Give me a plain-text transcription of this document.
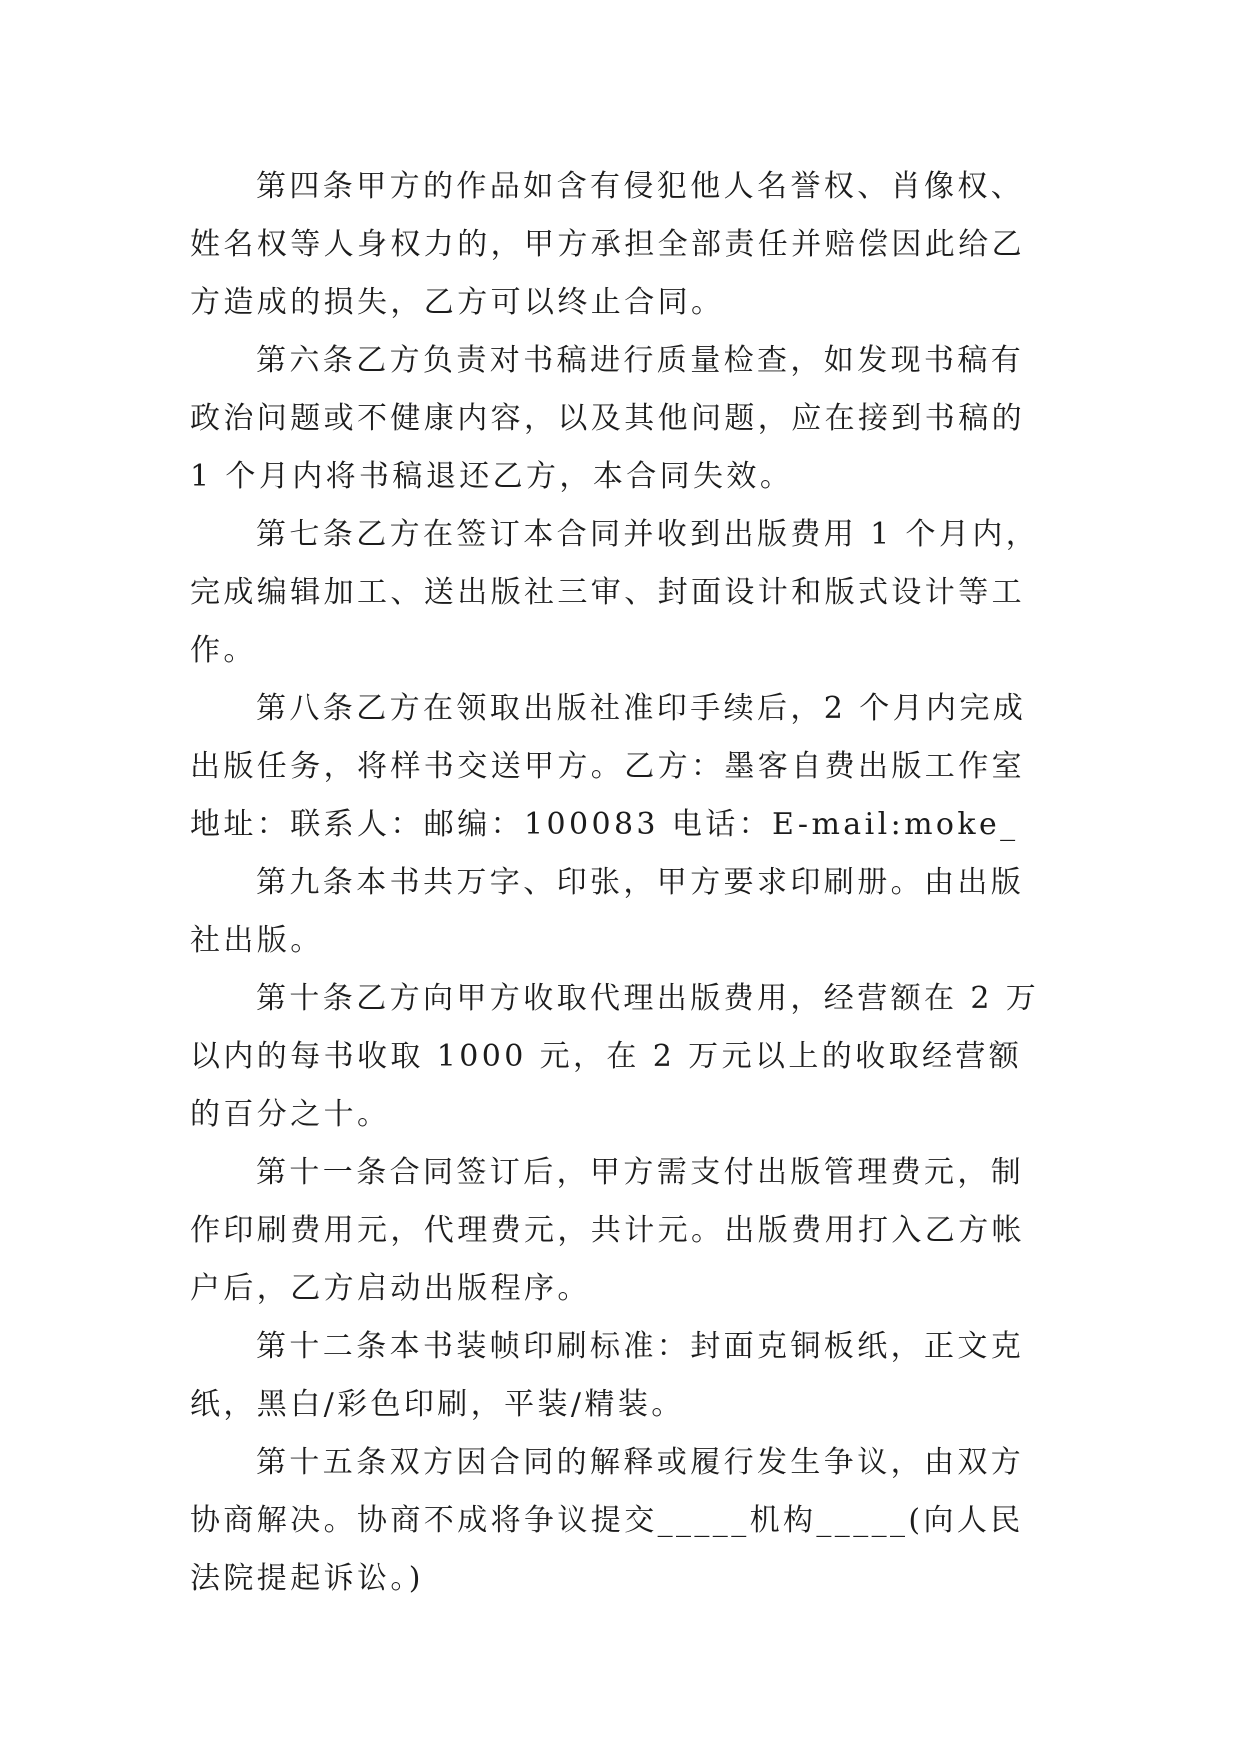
第四条甲方的作品如含有侵犯他人名誉权、肖像权、姓名权等人身权力的，甲方承担全部责任并赔偿因此给乙方造成的损失，乙方可以终止合同。

第六条乙方负责对书稿进行质量检查，如发现书稿有政治问题或不健康内容，以及其他问题，应在接到书稿的 1 个月内将书稿退还乙方，本合同失效。

第七条乙方在签订本合同并收到出版费用 1 个月内，完成编辑加工、送出版社三审、封面设计和版式设计等工作。

第八条乙方在领取出版社准印手续后，2 个月内完成出版任务，将样书交送甲方。乙方：墨客自费出版工作室地址：联系人：邮编：100083 电话：E-mail:moke_

第九条本书共万字、印张，甲方要求印刷册。由出版社出版。

第十条乙方向甲方收取代理出版费用，经营额在 2 万以内的每书收取 1000 元，在 2 万元以上的收取经营额的百分之十。

第十一条合同签订后，甲方需支付出版管理费元，制作印刷费用元，代理费元，共计元。出版费用打入乙方帐户后，乙方启动出版程序。

第十二条本书装帧印刷标准：封面克铜板纸，正文克纸，黑白/彩色印刷，平装/精装。

第十五条双方因合同的解释或履行发生争议，由双方协商解决。协商不成将争议提交_____机构_____(向人民法院提起诉讼。)
